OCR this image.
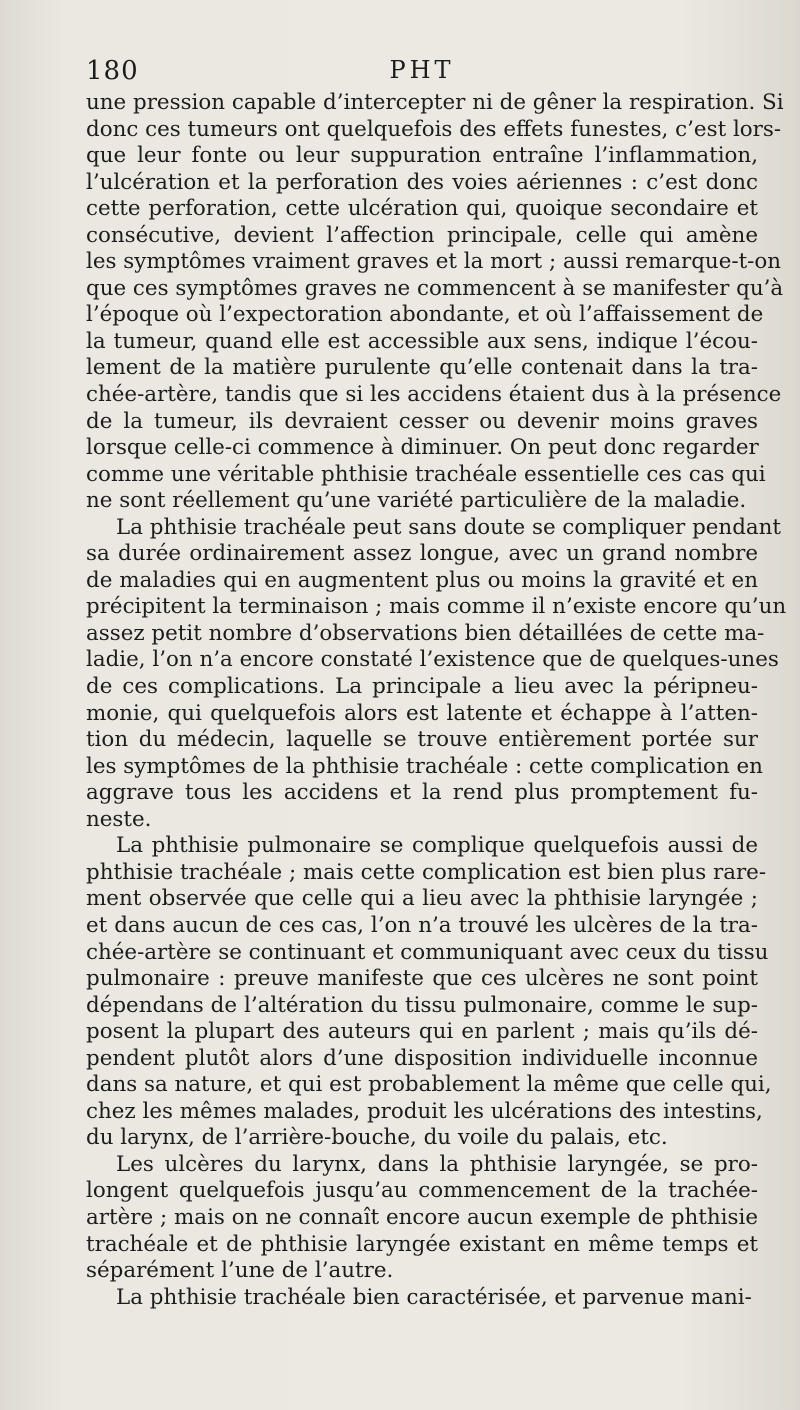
180	PHT

une pression capable d’intercepter ni de gêner la respiration. Si
donc ces tumeurs ont quelquefois des effets funestes, c’est lors-
que leur fonte ou leur suppuration entraîne l’inflammation,
l’ulcération et la perforation des voies aériennes : c’est donc
cette perforation, cette ulcération qui, quoique secondaire et
consécutive, devient l’affection principale, celle qui amène
les symptômes vraiment graves et la mort ; aussi remarque-t-on
que ces symptômes graves ne commencent à se manifester qu’à
l’époque où l’expectoration abondante, et où l’affaissement de
la tumeur, quand elle est accessible aux sens, indique l’écou-
lement de la matière purulente qu’elle contenait dans la tra-
chée-artère, tandis que si les accidens étaient dus à la présence
de la tumeur, ils devraient cesser ou devenir moins graves
lorsque celle-ci commence à diminuer. On peut donc regarder
comme une véritable phthisie trachéale essentielle ces cas qui
ne sont réellement qu’une variété particulière de la maladie.

La phthisie trachéale peut sans doute se compliquer pendant
sa durée ordinairement assez longue, avec un grand nombre
de maladies qui en augmentent plus ou moins la gravité et en
précipitent la terminaison ; mais comme il n’existe encore qu’un
assez petit nombre d’observations bien détaillées de cette ma-
ladie, l’on n’a encore constaté l’existence que de quelques-unes
de ces complications. La principale a lieu avec la péripneu-
monie, qui quelquefois alors est latente et échappe à l’atten-
tion du médecin, laquelle se trouve entièrement portée sur
les symptômes de la phthisie trachéale : cette complication en
aggrave tous les accidens et la rend plus promptement fu-
neste.

La phthisie pulmonaire se complique quelquefois aussi de
phthisie trachéale ; mais cette complication est bien plus rare-
ment observée que celle qui a lieu avec la phthisie laryngée ;
et dans aucun de ces cas, l’on n’a trouvé les ulcères de la tra-
chée-artère se continuant et communiquant avec ceux du tissu
pulmonaire : preuve manifeste que ces ulcères ne sont point
dépendans de l’altération du tissu pulmonaire, comme le sup-
posent la plupart des auteurs qui en parlent ; mais qu’ils dé-
pendent plutôt alors d’une disposition individuelle inconnue
dans sa nature, et qui est probablement la même que celle qui,
chez les mêmes malades, produit les ulcérations des intestins,
du larynx, de l’arrière-bouche, du voile du palais, etc.

Les ulcères du larynx, dans la phthisie laryngée, se pro-
longent quelquefois jusqu’au commencement de la trachée-
artère ; mais on ne connaît encore aucun exemple de phthisie
trachéale et de phthisie laryngée existant en même temps et
séparément l’une de l’autre.

La phthisie trachéale bien caractérisée, et parvenue mani-
